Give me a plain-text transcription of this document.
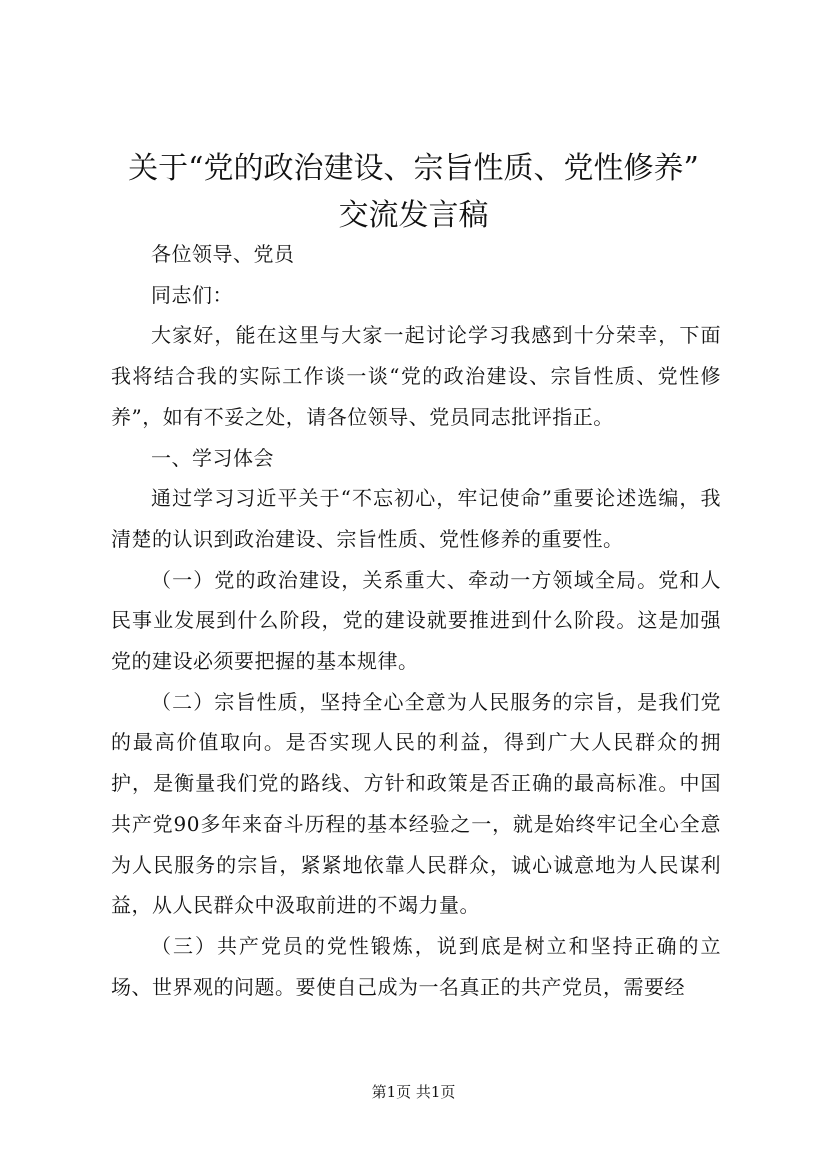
关于“党的政治建设、宗旨性质、党性修养”
交流发言稿

各位领导、党员

同志们：

大家好，能在这里与大家一起讨论学习我感到十分荣幸，下面我将结合我的实际工作谈一谈“党的政治建设、宗旨性质、党性修养”，如有不妥之处，请各位领导、党员同志批评指正。

一、学习体会

通过学习习近平关于“不忘初心，牢记使命”重要论述选编，我清楚的认识到政治建设、宗旨性质、党性修养的重要性。

（一）党的政治建设，关系重大、牵动一方领域全局。党和人民事业发展到什么阶段，党的建设就要推进到什么阶段。这是加强党的建设必须要把握的基本规律。

（二）宗旨性质，坚持全心全意为人民服务的宗旨，是我们党的最高价值取向。是否实现人民的利益，得到广大人民群众的拥护，是衡量我们党的路线、方针和政策是否正确的最高标准。中国共产党90多年来奋斗历程的基本经验之一，就是始终牢记全心全意为人民服务的宗旨，紧紧地依靠人民群众，诚心诚意地为人民谋利益，从人民群众中汲取前进的不竭力量。

（三）共产党员的党性锻炼，说到底是树立和坚持正确的立场、世界观的问题。要使自己成为一名真正的共产党员，需要经

第1页 共1页
